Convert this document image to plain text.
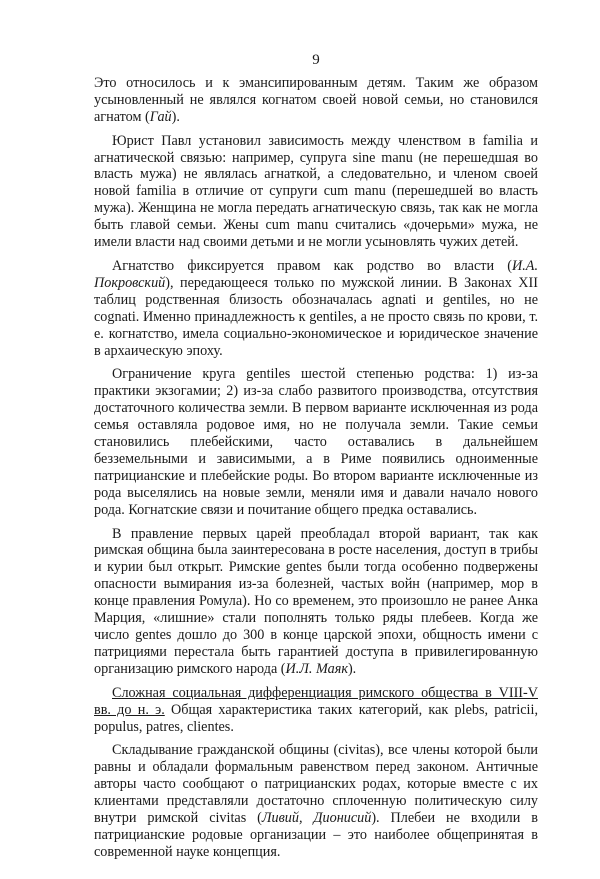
9

Это относилось и к эмансипированным детям. Таким же образом усыновленный не являлся когнатом своей новой семьи, но становился агнатом (Гай).

Юрист Павл установил зависимость между членством в familia и агнатической связью: например, супруга sine manu (не перешедшая во власть мужа) не являлась агнаткой, а следовательно, и членом своей новой familia в отличие от супруги cum manu (перешедшей во власть мужа). Женщина не могла передать агнатическую связь, так как не могла быть главой семьи. Жены cum manu считались «дочерьми» мужа, не имели власти над своими детьми и не могли усыновлять чужих детей.

Агнатство фиксируется правом как родство во власти (И.А. Покровский), передающееся только по мужской линии. В Законах XII таблиц родственная близость обозначалась agnati и gentiles, но не cognati. Именно принадлежность к gentiles, а не просто связь по крови, т. е. когнатство, имела социально-экономическое и юридическое значение в архаическую эпоху.

Ограничение круга gentiles шестой степенью родства: 1) из-за практики экзогамии; 2) из-за слабо развитого производства, отсутствия достаточного количества земли. В первом варианте исключенная из рода семья оставляла родовое имя, но не получала земли. Такие семьи становились плебейскими, часто оставались в дальнейшем безземельными и зависимыми, а в Риме появились одноименные патрицианские и плебейские роды. Во втором варианте исключенные из рода выселялись на новые земли, меняли имя и давали начало нового рода. Когнатские связи и почитание общего предка оставались.

В правление первых царей преобладал второй вариант, так как римская община была заинтересована в росте населения, доступ в трибы и курии был открыт. Римские gentes были тогда особенно подвержены опасности вымирания из-за болезней, частых войн (например, мор в конце правления Ромула). Но со временем, это произошло не ранее Анка Марция, «лишние» стали пополнять только ряды плебеев. Когда же число gentes дошло до 300 в конце царской эпохи, общность имени с патрициями перестала быть гарантией доступа в привилегированную организацию римского народа (И.Л. Маяк).

Сложная социальная дифференциация римского общества в VIII-V вв. до н. э. Общая характеристика таких категорий, как plebs, patricii, populus, patres, clientes.

Складывание гражданской общины (civitas), все члены которой были равны и обладали формальным равенством перед законом. Античные авторы часто сообщают о патрицианских родах, которые вместе с их клиентами представляли достаточно сплоченную политическую силу внутри римской civitas (Ливий, Дионисий). Плебеи не входили в патрицианские родовые организации – это наиболее общепринятая в современной науке концепция.
